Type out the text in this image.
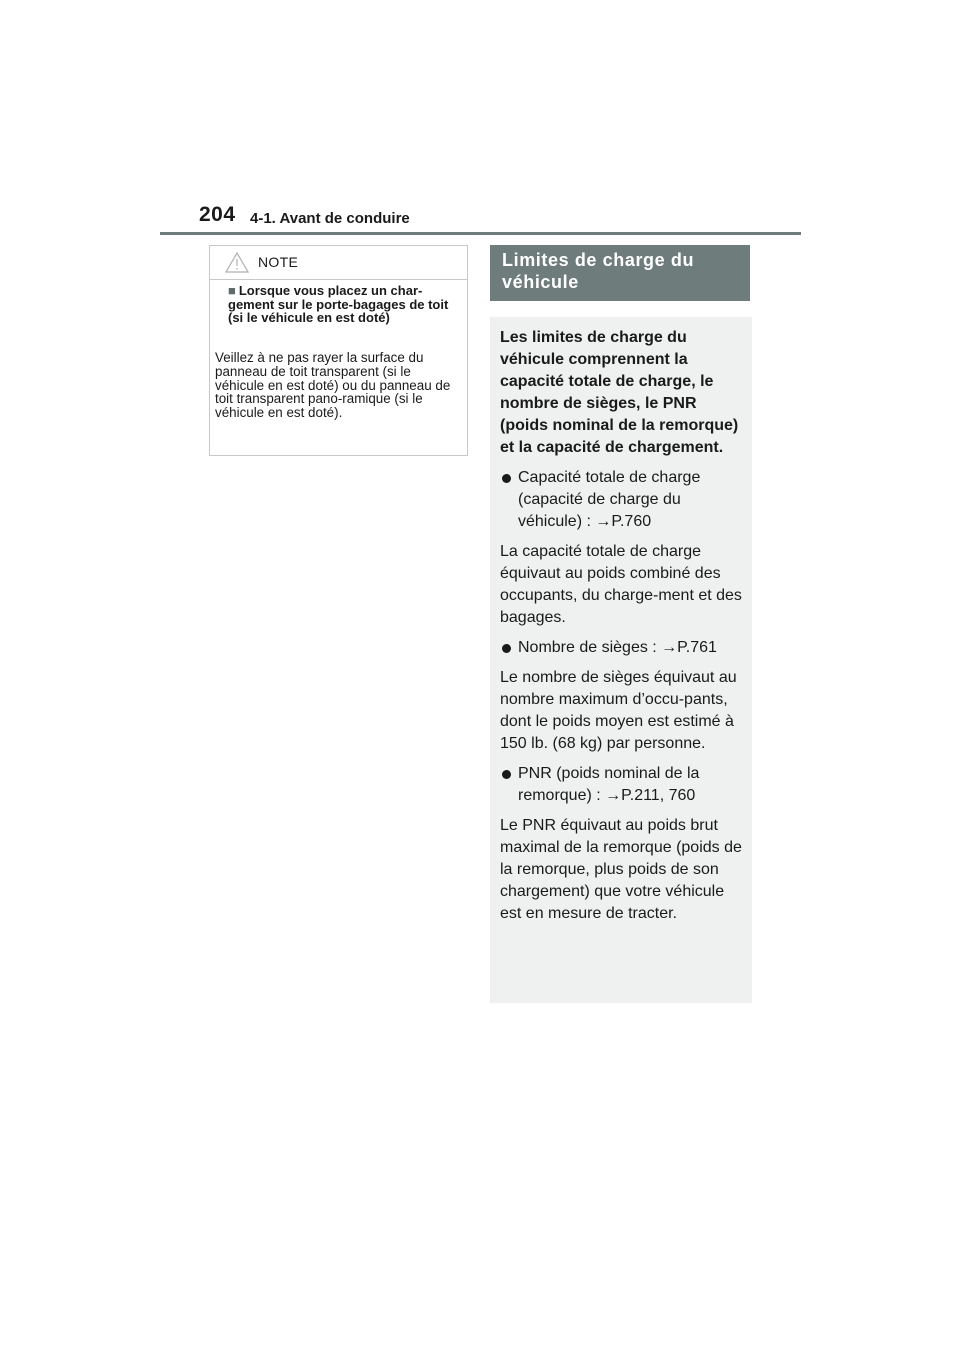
204 4-1. Avant de conduire
NOTE
■ Lorsque vous placez un char-gement sur le porte-bagages de toit (si le véhicule en est doté)
Veillez à ne pas rayer la surface du panneau de toit transparent (si le véhicule en est doté) ou du panneau de toit transparent pano-ramique (si le véhicule en est doté).
Limites de charge du véhicule

Les limites de charge du véhicule comprennent la capacité totale de charge, le nombre de sièges, le PNR (poids nominal de la remorque) et la capacité de chargement.

Capacité totale de charge (capacité de charge du véhicule) : →P.760

La capacité totale de charge équivaut au poids combiné des occupants, du charge-ment et des bagages.

Nombre de sièges : →P.761

Le nombre de sièges équivaut au nombre maximum d’occu-pants, dont le poids moyen est estimé à 150 lb. (68 kg) par personne.

PNR (poids nominal de la remorque) : →P.211, 760

Le PNR équivaut au poids brut maximal de la remorque (poids de la remorque, plus poids de son chargement) que votre véhicule est en mesure de tracter.
